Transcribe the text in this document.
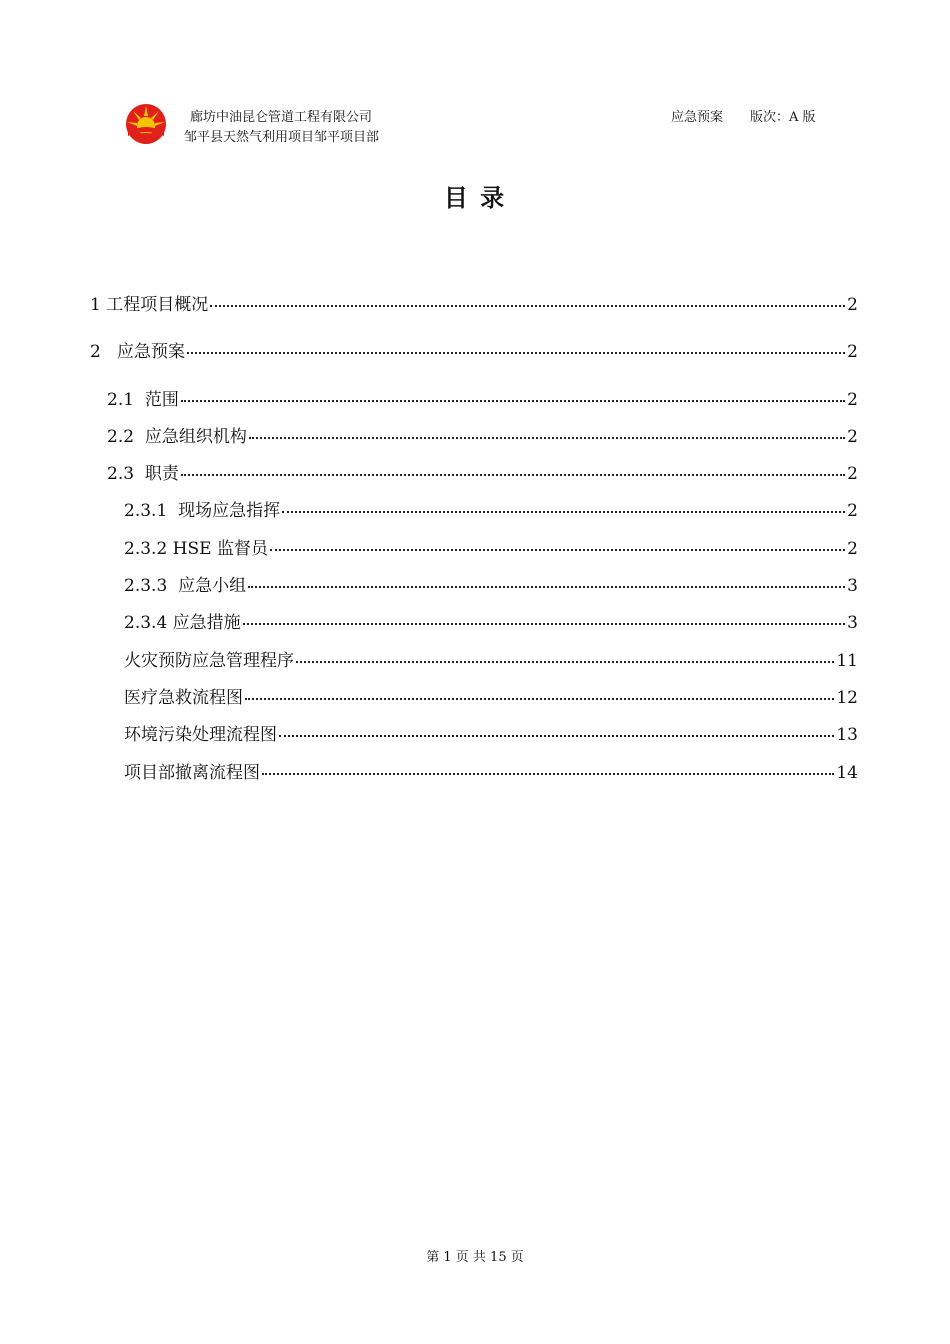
廊坊中油昆仑管道工程有限公司
邹平县天然气利用项目邹平项目部
应急预案 版次：A 版
目 录
1 工程项目概况	2
2   应急预案	2
2.1  范围	2
2.2  应急组织机构	2
2.3  职责	2
2.3.1  现场应急指挥	2
2.3.2 HSE 监督员	2
2.3.3  应急小组	3
2.3.4 应急措施	3
火灾预防应急管理程序	11
医疗急救流程图	12
环境污染处理流程图	13
项目部撤离流程图	14
第 1 页 共 15 页
